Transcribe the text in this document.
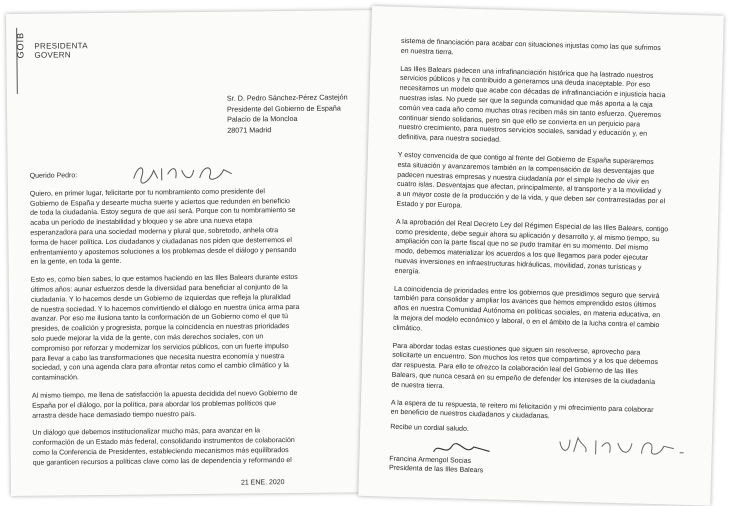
GOIB PRESIDENTA
GOVERN
Sr. D. Pedro Sánchez-Pérez Castejón
Presidente del Gobierno de España
Palacio de la Moncloa
28071 Madrid

Querido Pedro:

Quiero, en primer lugar, felicitarte por tu nombramiento como presidente del
Gobierno de España y desearte mucha suerte y aciertos que redunden en beneficio
de toda la ciudadanía. Estoy segura de que así será. Porque con tu nombramiento se
acaba un período de inestabilidad y bloqueo y se abre una nueva etapa
esperanzadora para una sociedad moderna y plural que, sobretodo, anhela otra
forma de hacer política. Los ciudadanos y ciudadanas nos piden que desterremos el
enfrentamiento y apostemos soluciones a los problemas desde el diálogo y pensando
en la gente, en toda la gente.

Esto es, como bien sabes, lo que estamos haciendo en las Illes Balears durante estos
últimos años: aunar esfuerzos desde la diversidad para beneficiar al conjunto de la
ciudadanía. Y lo hacemos desde un Gobierno de izquierdas que refleja la pluralidad
de nuestra sociedad. Y lo hacemos convirtiendo el diálogo en nuestra única arma para
avanzar. Por eso me ilusiona tanto la conformación de un Gobierno como el que tú
presides, de coalición y progresista, porque la coincidencia en nuestras prioridades
solo puede mejorar la vida de la gente, con más derechos sociales, con un
compromiso por reforzar y modernizar los servicios públicos, con un fuerte impulso
para llevar a cabo las transformaciones que necesita nuestra economía y nuestra
sociedad, y con una agenda clara para afrontar retos como el cambio climático y la
contaminación.

Al mismo tiempo, me llena de satisfacción la apuesta decidida del nuevo Gobierno de
España por el diálogo, por la política, para abordar los problemas políticos que
arrastra desde hace demasiado tiempo nuestro país.

Un diálogo que debemos institucionalizar mucho más, para avanzar en la
conformación de un Estado más federal, consolidando instrumentos de colaboración
como la Conferencia de Presidentes, estableciendo mecanismos más equilibrados
que garanticen recursos a políticas clave como las de dependencia y reformando el

21 ENE. 2020

sistema de financiación para acabar con situaciones injustas como las que sufrimos
en nuestra tierra.

Las Illes Balears padecen una infrafinanciación histórica que ha lastrado nuestros
servicios públicos y ha contribuido a generarnos una deuda inaceptable. Por eso
necesitamos un modelo que acabe con décadas de infrafinanciación e injusticia hacia
nuestras islas. No puede ser que la segunda comunidad que más aporta a la caja
común vea cada año como muchas otras reciben más sin tanto esfuerzo. Queremos
continuar siendo solidarios, pero sin que ello se convierta en un perjuicio para
nuestro crecimiento, para nuestros servicios sociales, sanidad y educación y, en
definitiva, para nuestra sociedad.

Y estoy convencida de que contigo al frente del Gobierno de España superaremos
esta situación y avanzaremos también en la compensación de las desventajas que
padecen nuestras empresas y nuestra ciudadanía por el simple hecho de vivir en
cuatro islas. Desventajas que afectan, principalmente, al transporte y a la movilidad y
a un mayor coste de la producción y de la vida, y que deben ser contrarrestadas por el
Estado y por Europa.

A la aprobación del Real Decreto Ley del Régimen Especial de las Illes Balears, contigo
como presidente, debe seguir ahora su aplicación y desarrollo y, al mismo tiempo, su
ampliación con la parte fiscal que no se pudo tramitar en su momento. Del mismo
modo, debemos materializar los acuerdos a los que llegamos para poder ejecutar
nuevas inversiones en infraestructuras hidráulicas, movilidad, zonas turísticas y
energía.

La coincidencia de prioridades entre los gobiernos que presidimos seguro que servirá
también para consolidar y ampliar los avances que hemos emprendido estos últimos
años en nuestra Comunidad Autónoma en políticas sociales, en materia educativa, en
la mejora del modelo económico y laboral, o en el ámbito de la lucha contra el cambio
climático.

Para abordar todas estas cuestiones que siguen sin resolverse, aprovecho para
solicitarte un encuentro. Son muchos los retos que compartimos y a los que debemos
dar respuesta. Para ello te ofrezco la colaboración leal del Gobierno de las Illes
Balears, que nunca cesará en su empeño de defender los intereses de la ciudadanía
de nuestra tierra.

A la espera de tu respuesta, te reitero mi felicitación y mi ofrecimiento para colaborar
en beneficio de nuestros ciudadanos y ciudadanas.

Recibe un cordial saludo.
Francina Armengol Socias
Presidenta de las Illes Balears
